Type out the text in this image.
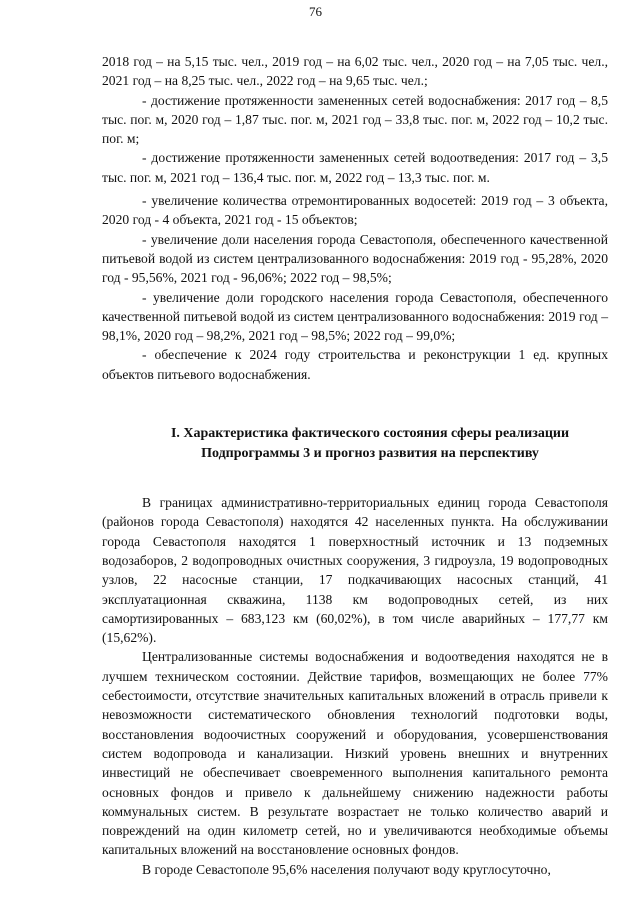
76

2018 год – на 5,15 тыс. чел., 2019 год – на 6,02 тыс. чел., 2020 год – на 7,05 тыс. чел., 2021 год – на 8,25 тыс. чел., 2022 год – на 9,65 тыс. чел.;

- достижение протяженности замененных сетей водоснабжения: 2017 год – 8,5 тыс. пог. м, 2020 год – 1,87 тыс. пог. м, 2021 год – 33,8 тыс. пог. м, 2022 год – 10,2 тыс. пог. м;

- достижение протяженности замененных сетей водоотведения: 2017 год – 3,5 тыс. пог. м, 2021 год – 136,4 тыс. пог. м, 2022 год – 13,3 тыс. пог. м.

- увеличение количества отремонтированных водосетей: 2019 год – 3 объекта, 2020 год - 4 объекта, 2021 год - 15 объектов;

- увеличение доли населения города Севастополя, обеспеченного качественной питьевой водой из систем централизованного водоснабжения: 2019 год - 95,28%, 2020 год - 95,56%, 2021 год - 96,06%; 2022 год – 98,5%;

- увеличение доли городского населения города Севастополя, обеспеченного качественной питьевой водой из систем централизованного водоснабжения: 2019 год – 98,1%, 2020 год – 98,2%, 2021 год – 98,5%; 2022 год – 99,0%;

- обеспечение к 2024 году строительства и реконструкции 1 ед. крупных объектов питьевого водоснабжения.

I. Характеристика фактического состояния сферы реализации
Подпрограммы 3 и прогноз развития на перспективу

В границах административно-территориальных единиц города Севастополя (районов города Севастополя) находятся 42 населенных пункта. На обслуживании города Севастополя находятся 1 поверхностный источник и 13 подземных водозаборов, 2 водопроводных очистных сооружения, 3 гидроузла, 19 водопроводных узлов, 22 насосные станции, 17 подкачивающих насосных станций, 41 эксплуатационная скважина, 1138 км водопроводных сетей, из них самортизированных – 683,123 км (60,02%), в том числе аварийных – 177,77 км (15,62%).

Централизованные системы водоснабжения и водоотведения находятся не в лучшем техническом состоянии. Действие тарифов, возмещающих не более 77% себестоимости, отсутствие значительных капитальных вложений в отрасль привели к невозможности систематического обновления технологий подготовки воды, восстановления водоочистных сооружений и оборудования, усовершенствования систем водопровода и канализации. Низкий уровень внешних и внутренних инвестиций не обеспечивает своевременного выполнения капитального ремонта основных фондов и привело к дальнейшему снижению надежности работы коммунальных систем. В результате возрастает не только количество аварий и повреждений на один километр сетей, но и увеличиваются необходимые объемы капитальных вложений на восстановление основных фондов.

В городе Севастополе 95,6% населения получают воду круглосуточно,
